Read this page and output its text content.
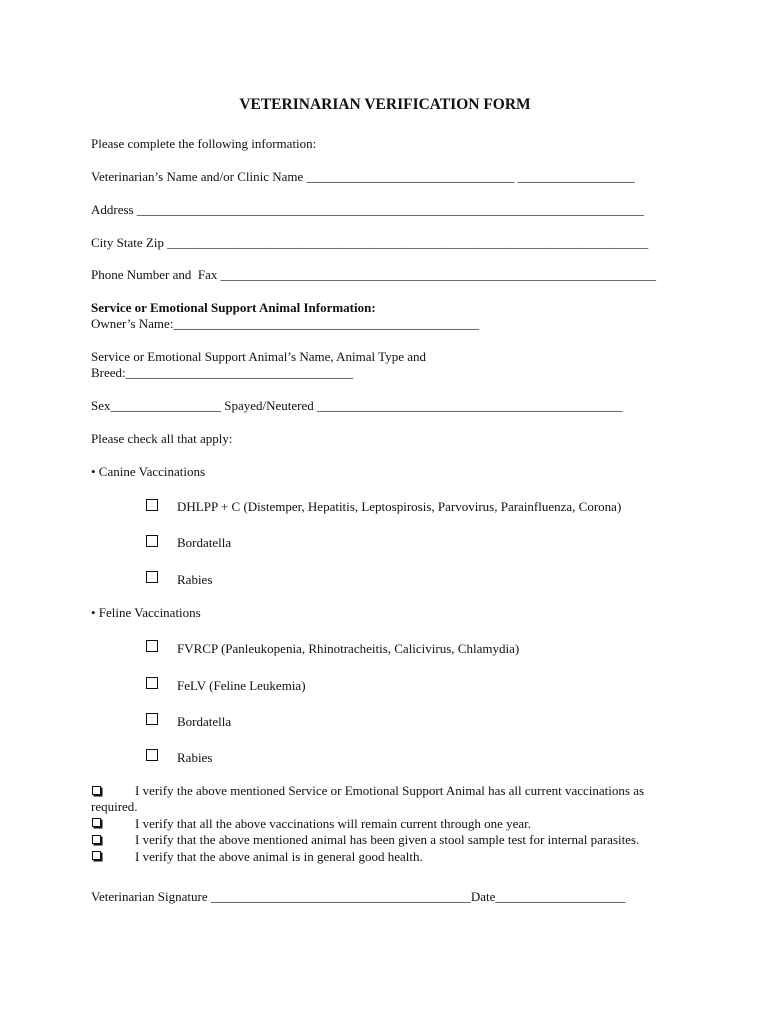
VETERINARIAN VERIFICATION FORM
Please complete the following information:
Veterinarian’s Name and/or Clinic Name ________________________________ __________________
Address ______________________________________________________________________________
City State Zip __________________________________________________________________________
Phone Number and  Fax ___________________________________________________________________
Service or Emotional Support Animal Information:
Owner’s Name:_______________________________________________
Service or Emotional Support Animal’s Name, Animal Type and
Breed:___________________________________
Sex_________________ Spayed/Neutered _______________________________________________
Please check all that apply:
• Canine Vaccinations
DHLPP + C (Distemper, Hepatitis, Leptospirosis, Parvovirus, Parainfluenza, Corona)
Bordatella
Rabies
• Feline Vaccinations
FVRCP (Panleukopenia, Rhinotracheitis, Calicivirus, Chlamydia)
FeLV (Feline Leukemia)
Bordatella
Rabies
I verify the above mentioned Service or Emotional Support Animal has all current vaccinations as
required.
I verify that all the above vaccinations will remain current through one year.
I verify that the above mentioned animal has been given a stool sample test for internal parasites.
I verify that the above animal is in general good health.
Veterinarian Signature ________________________________________Date____________________
